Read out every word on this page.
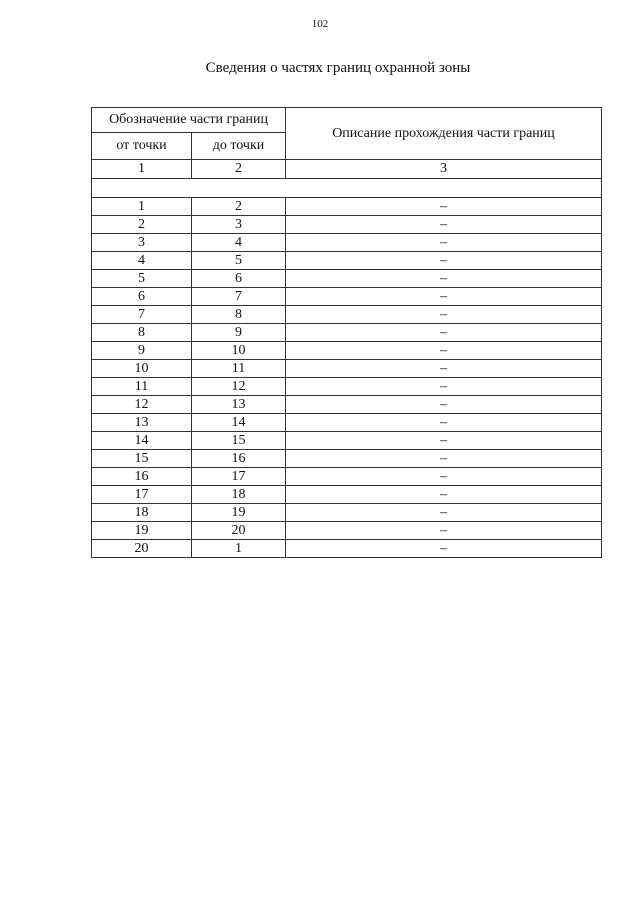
102
Сведения о частях границ охранной зоны
Обозначение части границ		Описание прохождения части границ
от точки	до точки	
1	2	3

1	2	–
2	3	–
3	4	–
4	5	–
5	6	–
6	7	–
7	8	–
8	9	–
9	10	–
10	11	–
11	12	–
12	13	–
13	14	–
14	15	–
15	16	–
16	17	–
17	18	–
18	19	–
19	20	–
20	1	–
